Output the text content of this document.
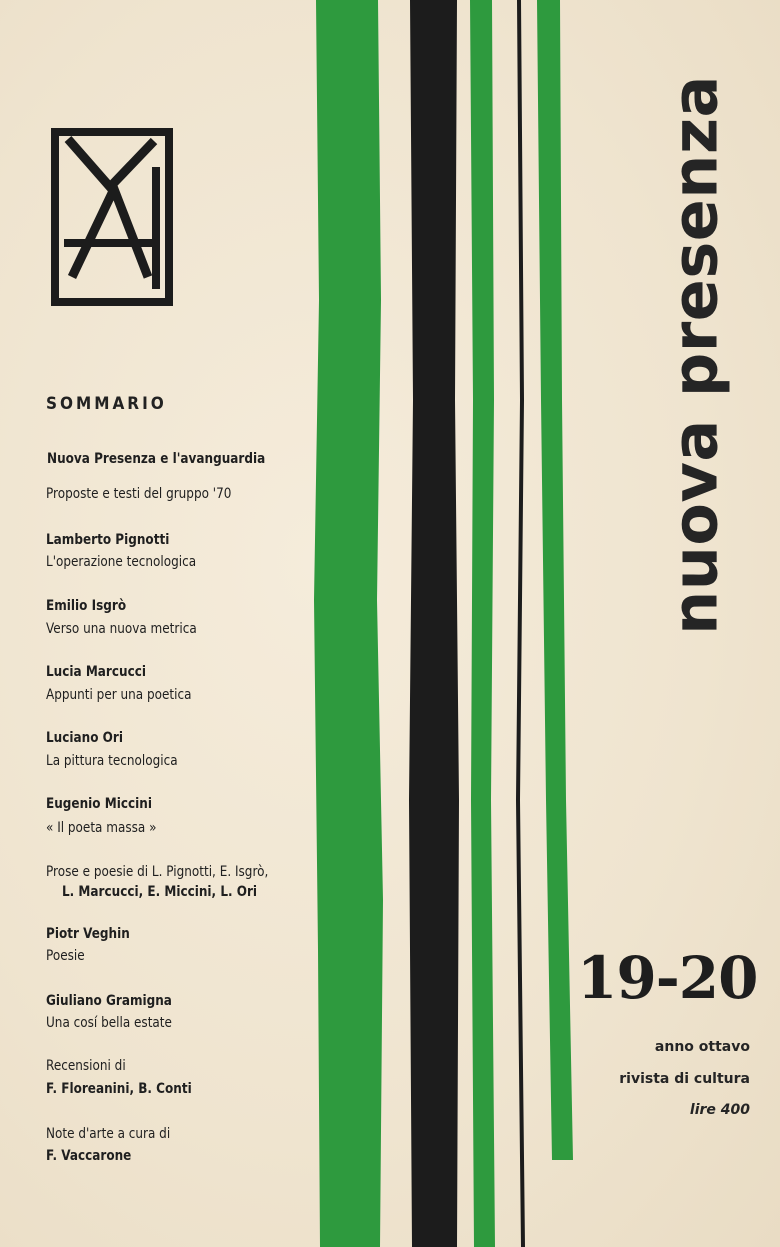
nuova presenza
SOMMARIO
Nuova Presenza e l'avanguardia
Proposte e testi del gruppo '70
Lamberto Pignotti
L'operazione tecnologica
Emilio Isgrò
Verso una nuova metrica
Lucia Marcucci
Appunti per una poetica
Luciano Ori
La pittura tecnologica
Eugenio Miccini
« Il poeta massa »
Prose e poesie di L. Pignotti, E. Isgrò,
L. Marcucci, E. Miccini, L. Ori
Piotr Veghin
Poesie
Giuliano Gramigna
Una cosí bella estate
Recensioni di
F. Floreanini, B. Conti
Note d'arte a cura di
F. Vaccarone
19-20
anno ottavo
rivista di cultura
lire 400
